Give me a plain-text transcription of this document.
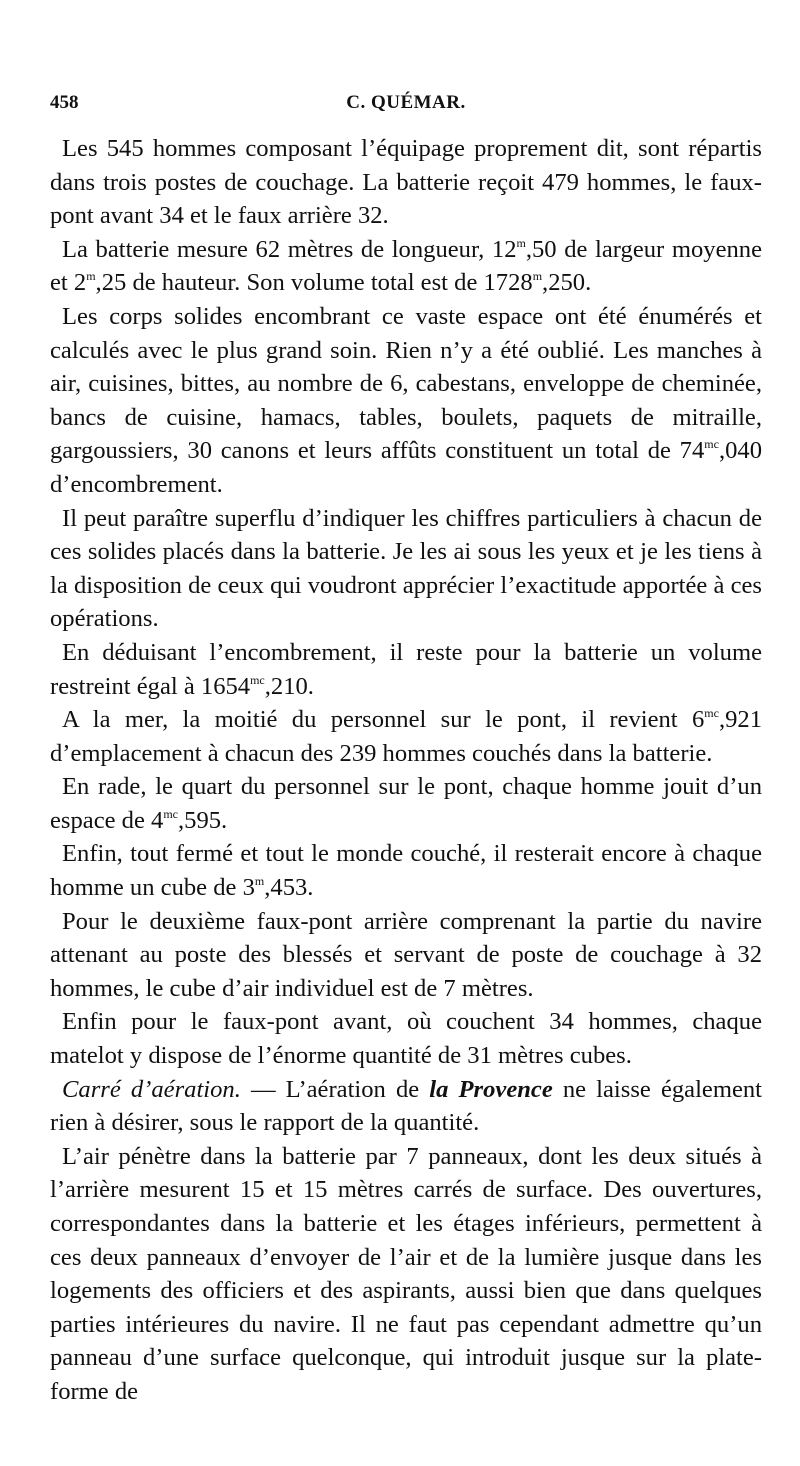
458	C. QUÉMAR.

Les 545 hommes composant l’équipage proprement dit, sont répartis dans trois postes de couchage. La batterie reçoit 479 hommes, le faux-pont avant 34 et le faux arrière 32.

La batterie mesure 62 mètres de longueur, 12$^m$,50 de largeur moyenne et 2$^m$,25 de hauteur. Son volume total est de 1728$^m$,250.

Les corps solides encombrant ce vaste espace ont été énumérés et calculés avec le plus grand soin. Rien n’y a été oublié. Les manches à air, cuisines, bittes, au nombre de 6, cabestans, enveloppe de cheminée, bancs de cuisine, hamacs, tables, boulets, paquets de mitraille, gargoussiers, 30 canons et leurs affûts constituent un total de $74^{mc},040$ d’encombrement.

Il peut paraître superflu d’indiquer les chiffres particuliers à chacun de ces solides placés dans la batterie. Je les ai sous les yeux et je les tiens à la disposition de ceux qui voudront apprécier l’exactitude apportée à ces opérations.

En déduisant l’encombrement, il reste pour la batterie un volume restreint égal à $1654^{mc},210$.

A la mer, la moitié du personnel sur le pont, il revient $6^{mc},921$ d’emplacement à chacun des 239 hommes couchés dans la batterie.

En rade, le quart du personnel sur le pont, chaque homme jouit d’un espace de $4^{mc},595$.

Enfin, tout fermé et tout le monde couché, il resterait encore à chaque homme un cube de 3$^m$,453.

Pour le deuxième faux-pont arrière comprenant la partie du navire attenant au poste des blessés et servant de poste de couchage à 32 hommes, le cube d’air individuel est de 7 mètres.

Enfin pour le faux-pont avant, où couchent 34 hommes, chaque matelot y dispose de l’énorme quantité de 31 mètres cubes.

Carré d’aération. — L’aération de la Provence ne laisse également rien à désirer, sous le rapport de la quantité.

L’air pénètre dans la batterie par 7 panneaux, dont les deux situés à l’arrière mesurent 15 et 15 mètres carrés de surface. Des ouvertures, correspondantes dans la batterie et les étages inférieurs, permettent à ces deux panneaux d’envoyer de l’air et de la lumière jusque dans les logements des officiers et des aspirants, aussi bien que dans quelques parties intérieures du navire. Il ne faut pas cependant admettre qu’un panneau d’une surface quelconque, qui introduit jusque sur la plate-forme de
